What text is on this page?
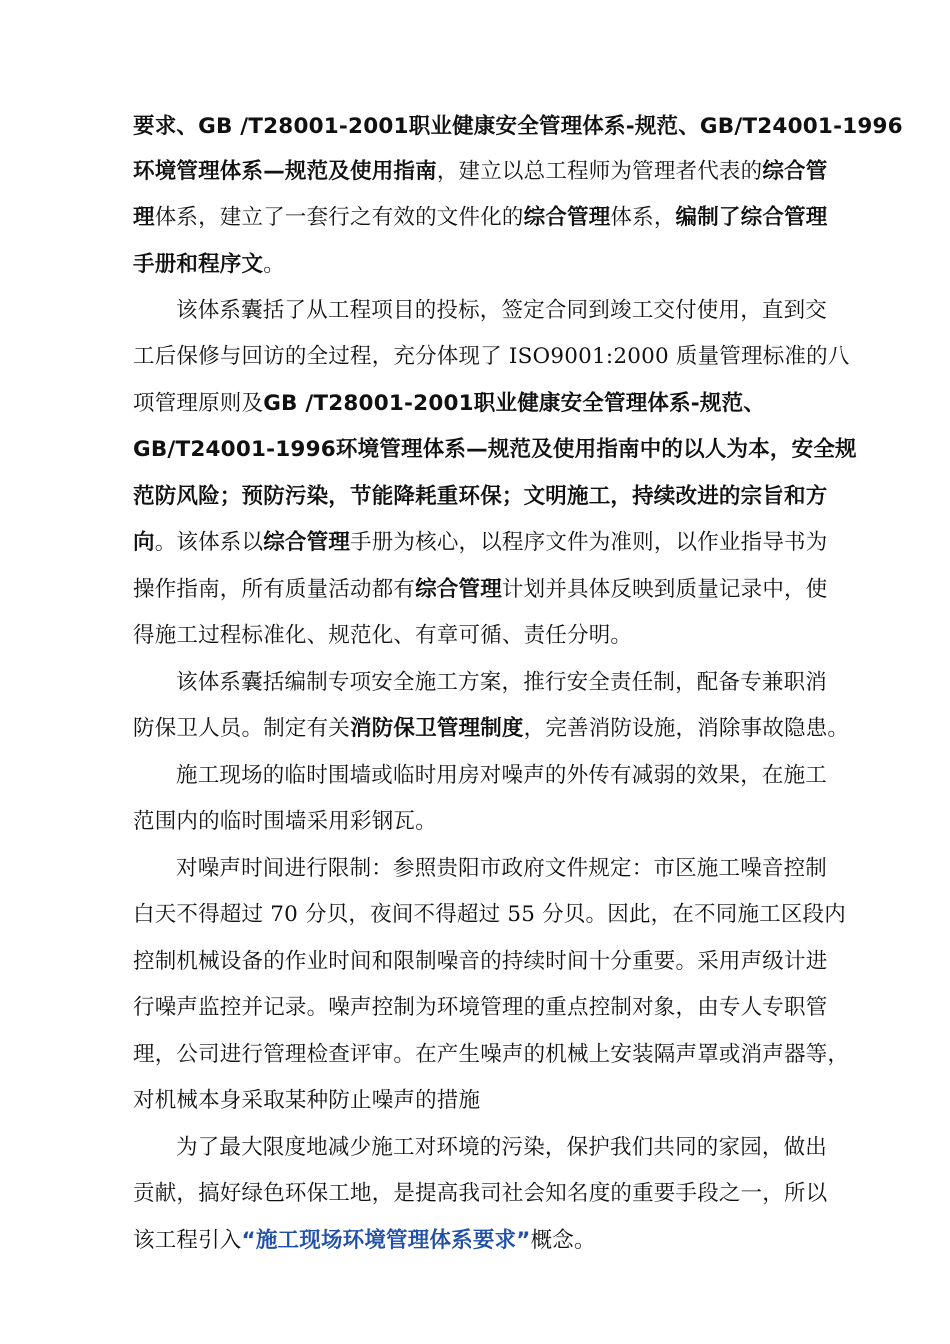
要求、GB /T28001-2001职业健康安全管理体系-规范、GB/T24001-1996
环境管理体系—规范及使用指南，建立以总工程师为管理者代表的综合管
理体系，建立了一套行之有效的文件化的综合管理体系，编制了综合管理
手册和程序文。
该体系囊括了从工程项目的投标，签定合同到竣工交付使用，直到交
工后保修与回访的全过程，充分体现了 ISO9001:2000 质量管理标准的八
项管理原则及GB /T28001-2001职业健康安全管理体系-规范、
GB/T24001-1996环境管理体系—规范及使用指南中的以人为本，安全规
范防风险；预防污染，节能降耗重环保；文明施工，持续改进的宗旨和方
向。该体系以综合管理手册为核心，以程序文件为准则，以作业指导书为
操作指南，所有质量活动都有综合管理计划并具体反映到质量记录中，使
得施工过程标准化、规范化、有章可循、责任分明。
该体系囊括编制专项安全施工方案，推行安全责任制，配备专兼职消
防保卫人员。制定有关消防保卫管理制度，完善消防设施，消除事故隐患。
施工现场的临时围墙或临时用房对噪声的外传有减弱的效果，在施工
范围内的临时围墙采用彩钢瓦。
对噪声时间进行限制：参照贵阳市政府文件规定：市区施工噪音控制
白天不得超过 70 分贝，夜间不得超过 55 分贝。因此，在不同施工区段内
控制机械设备的作业时间和限制噪音的持续时间十分重要。采用声级计进
行噪声监控并记录。噪声控制为环境管理的重点控制对象，由专人专职管
理，公司进行管理检查评审。在产生噪声的机械上安装隔声罩或消声器等，
对机械本身采取某种防止噪声的措施
为了最大限度地减少施工对环境的污染，保护我们共同的家园，做出
贡献，搞好绿色环保工地，是提高我司社会知名度的重要手段之一，所以
该工程引入“施工现场环境管理体系要求”概念。
